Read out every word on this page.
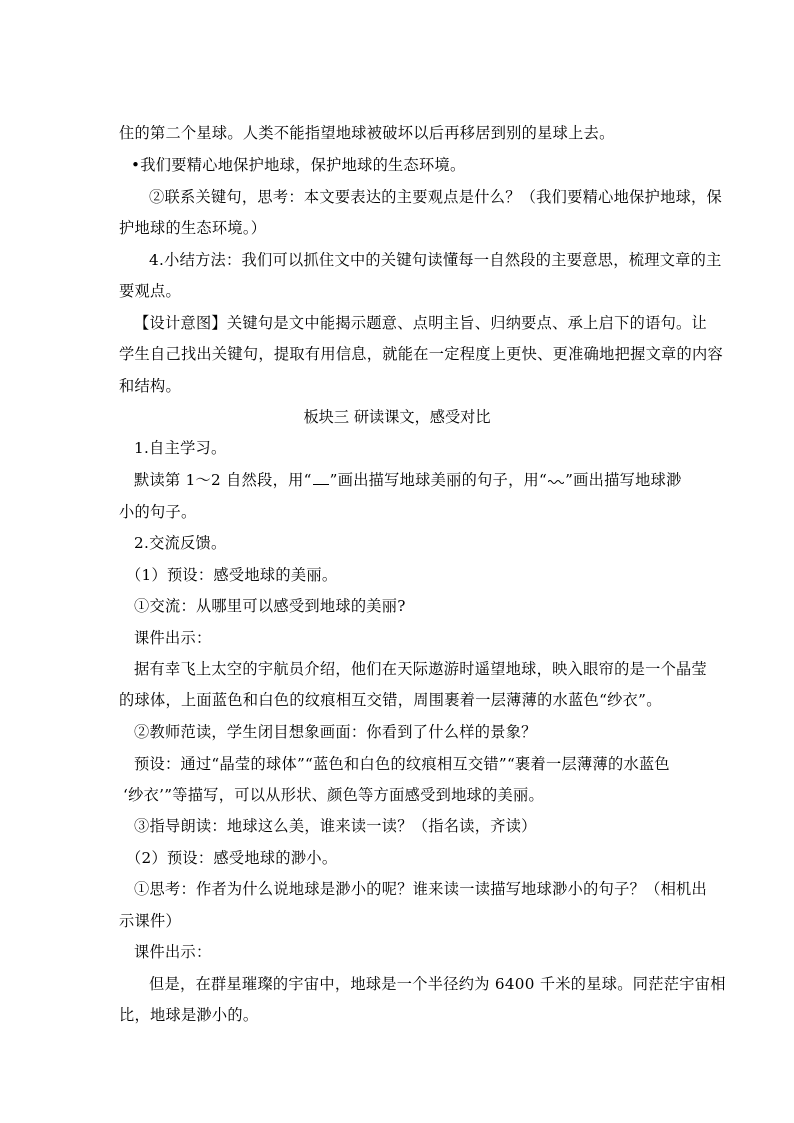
住的第二个星球。人类不能指望地球被破坏以后再移居到别的星球上去。
•我们要精心地保护地球，保护地球的生态环境。
②联系关键句，思考：本文要表达的主要观点是什么？（我们要精心地保护地球，保
护地球的生态环境。）
4.小结方法：我们可以抓住文中的关键句读懂每一自然段的主要意思，梳理文章的主
要观点。
【设计意图】关键句是文中能揭示题意、点明主旨、归纳要点、承上启下的语句。让
学生自己找出关键句，提取有用信息，就能在一定程度上更快、更准确地把握文章的内容
和结构。
板块三 研读课文，感受对比
1.自主学习。
默读第 1～2 自然段，用“ ”画出描写地球美丽的句子，用“ ”画出描写地球渺
小的句子。
2.交流反馈。
（1）预设：感受地球的美丽。
①交流：从哪里可以感受到地球的美丽?
课件出示：
据有幸飞上太空的宇航员介绍，他们在天际遨游时遥望地球，映入眼帘的是一个晶莹
的球体，上面蓝色和白色的纹痕相互交错，周围裹着一层薄薄的水蓝色“纱衣”。
②教师范读，学生闭目想象画面：你看到了什么样的景象？
预设：通过“晶莹的球体”“蓝色和白色的纹痕相互交错”“裹着一层薄薄的水蓝色
‘纱衣’”等描写，可以从形状、颜色等方面感受到地球的美丽。
③指导朗读：地球这么美，谁来读一读？（指名读，齐读）
（2）预设：感受地球的渺小。
①思考：作者为什么说地球是渺小的呢？谁来读一读描写地球渺小的句子？（相机出
示课件）
课件出示：
但是，在群星璀璨的宇宙中，地球是一个半径约为 6400 千米的星球。同茫茫宇宙相
比，地球是渺小的。
